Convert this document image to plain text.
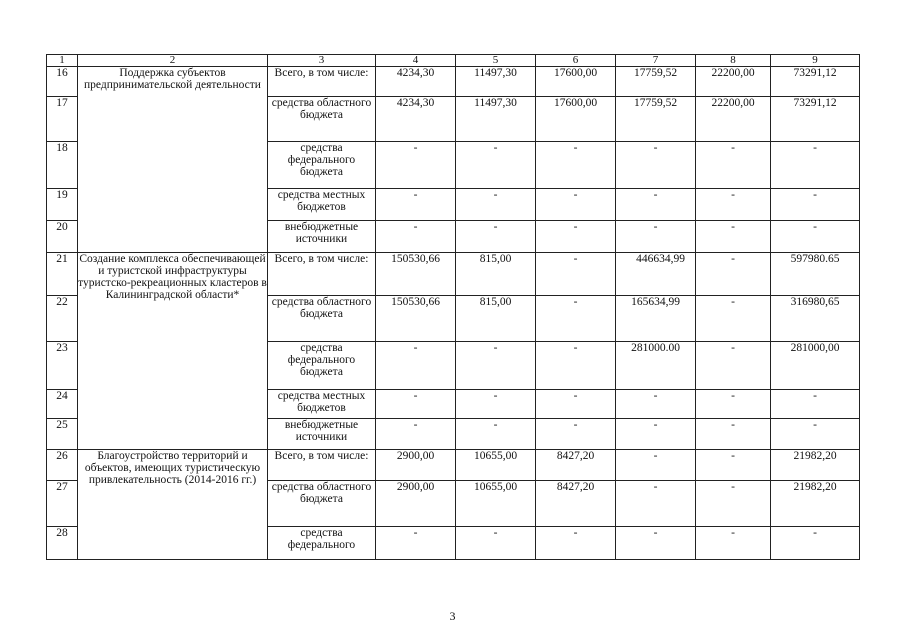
1	2	3	4	5	6	7	8	9
16	Поддержка субъектов предпринимательской деятельности	Всего, в том числе:	4234,30	11497,30	17600,00	17759,52	22200,00	73291,12
17		средства областного бюджета	4234,30	11497,30	17600,00	17759,52	22200,00	73291,12
18		средства федерального бюджета	-	-	-	-	-	-
19		средства местных бюджетов	-	-	-	-	-	-
20		внебюджетные источники	-	-	-	-	-	-
21	Создание комплекса обеспечивающей и туристской инфраструктуры туристско-рекреационных кластеров в Калининградской области*	Всего, в том числе:	150530,66	815,00	-	446634,99	-	597980.65
22		средства областного бюджета	150530,66	815,00	-	165634,99	-	316980,65
23		средства федерального бюджета	-	-	-	281000.00	-	281000,00
24		средства местных бюджетов	-	-	-	-	-	-
25		внебюджетные источники	-	-	-	-	-	-
26	Благоустройство территорий и объектов, имеющих туристическую привлекательность (2014-2016 гг.)	Всего, в том числе:	2900,00	10655,00	8427,20	-	-	21982,20
27		средства областного бюджета	2900,00	10655,00	8427,20	-	-	21982,20
28		средства федерального	-	-	-	-	-	-
3
